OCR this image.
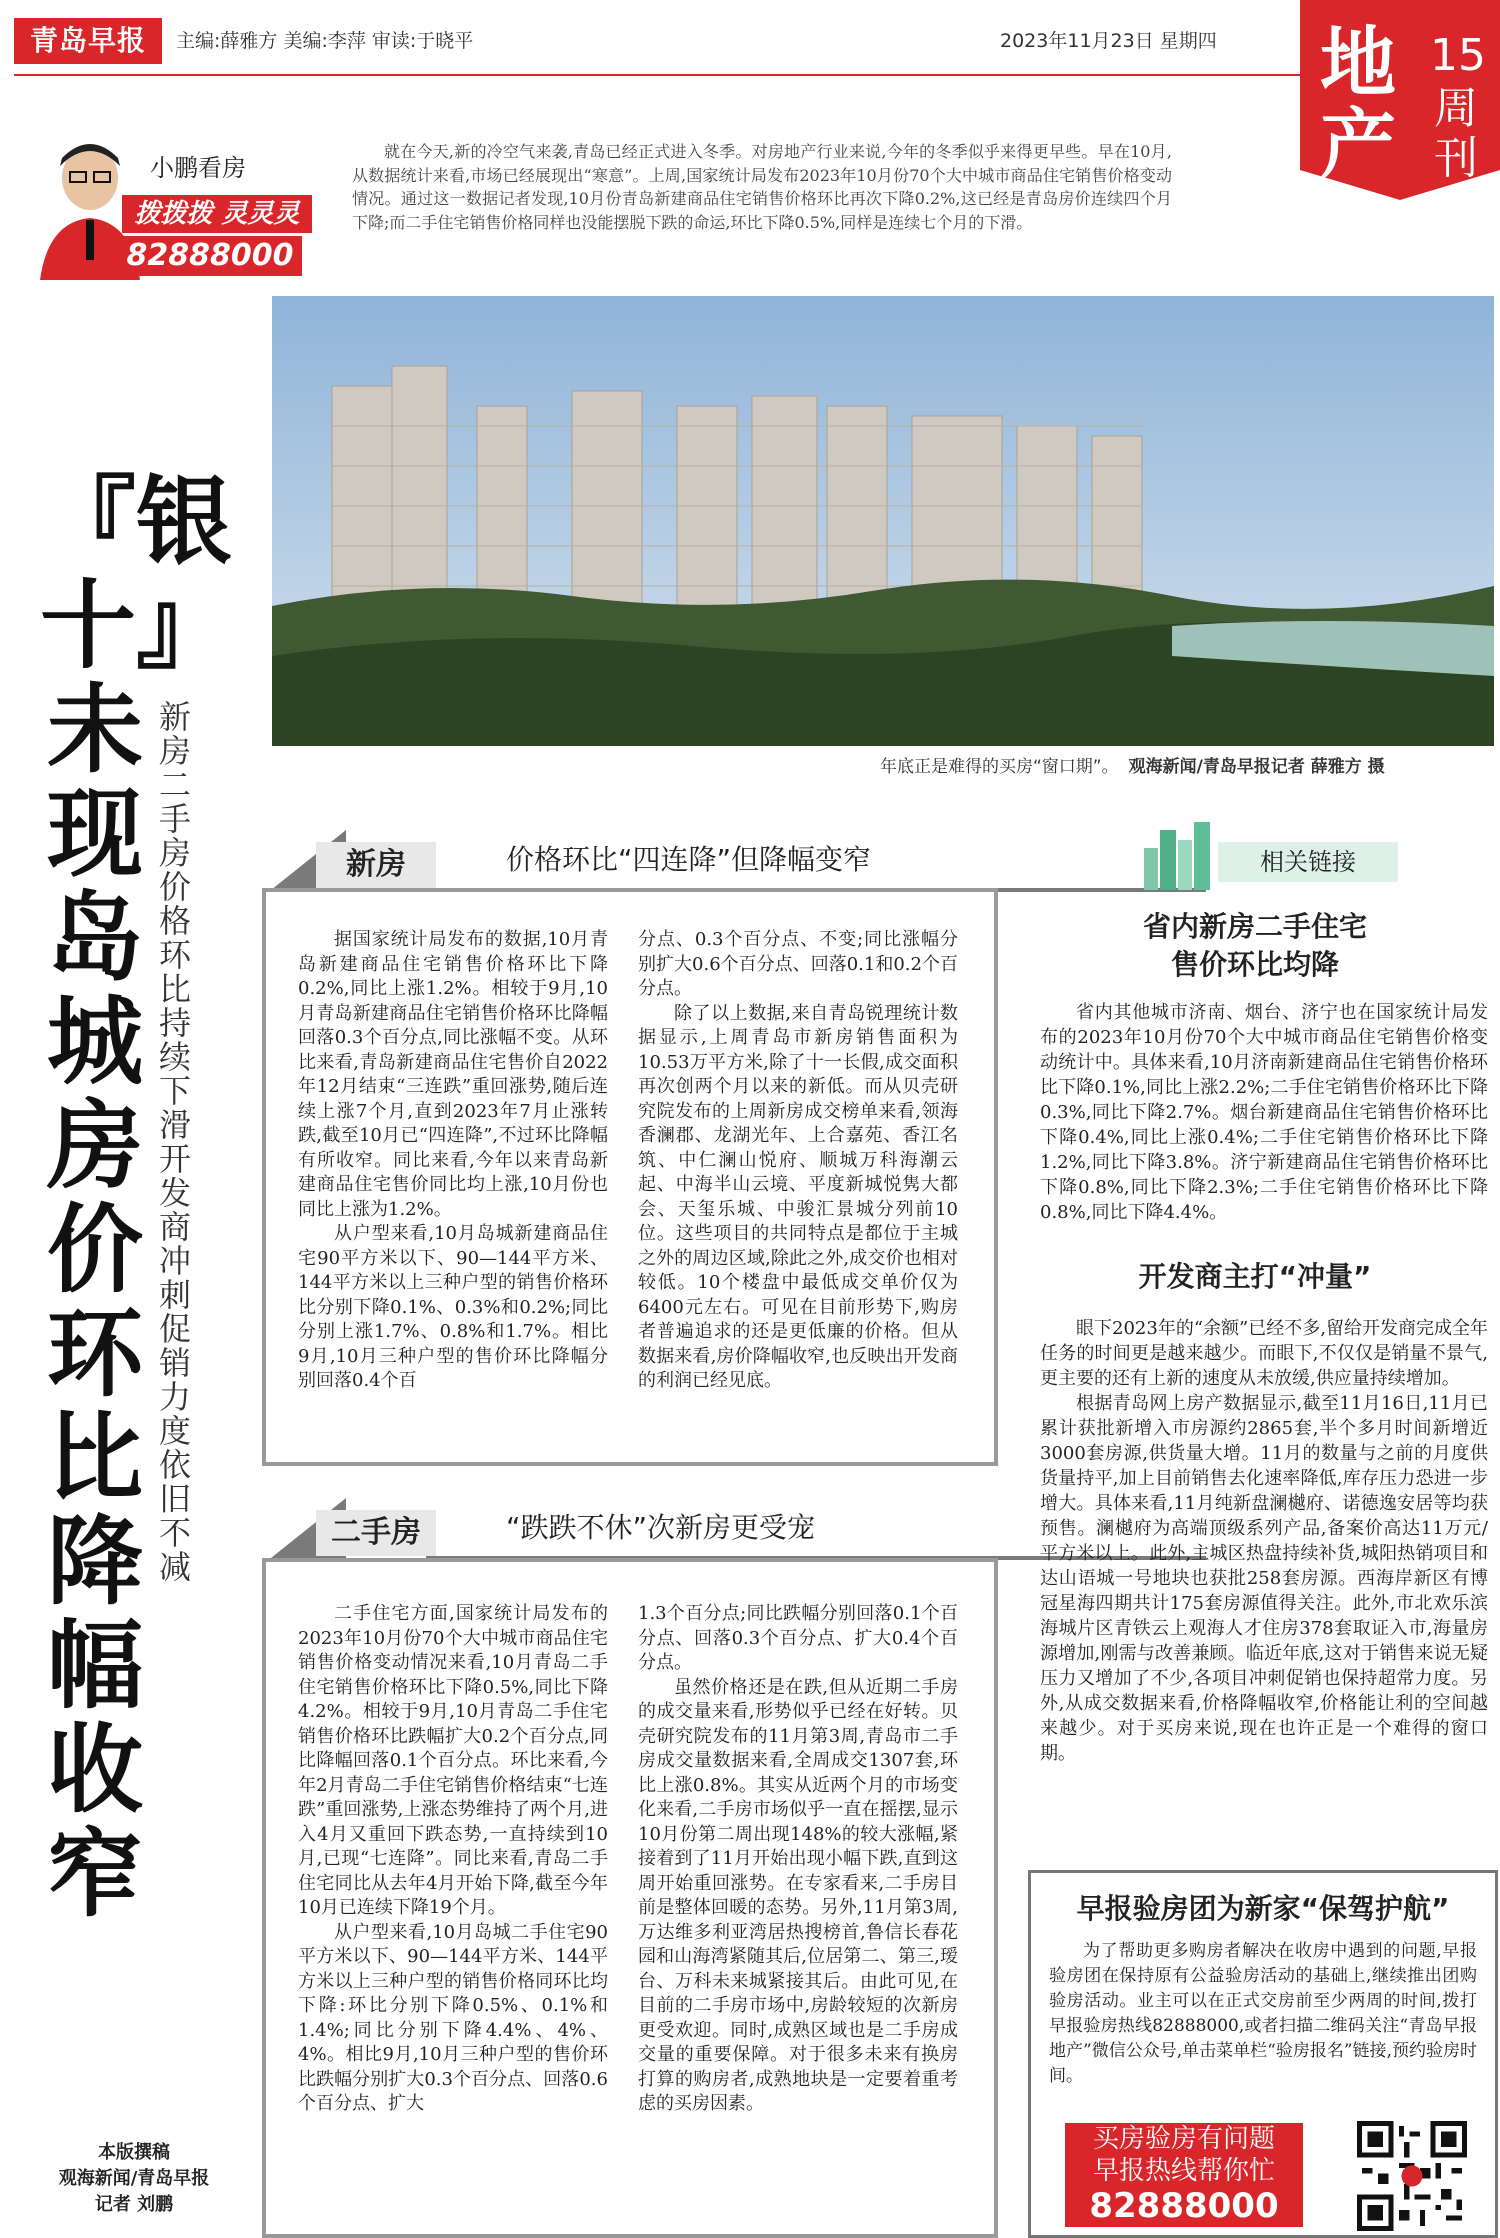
青岛早报	主编:薛雅方 美编:李萍 审读:于晓平	2023年11月23日 星期四 地产
15
周刊
小鹏看房
拨拨拨 灵灵灵
82888000
就在今天,新的冷空气来袭,青岛已经正式进入冬季。对房地产行业来说,今年的冬季似乎来得更早些。早在10月,从数据统计来看,市场已经展现出“寒意”。上周,国家统计局发布2023年10月份70个大中城市商品住宅销售价格变动情况。通过这一数据记者发现,10月份青岛新建商品住宅销售价格环比再次下降0.2%,这已经是青岛房价连续四个月下降;而二手住宅销售价格同样也没能摆脱下跌的命运,环比下降0.5%,同样是连续七个月的下滑。
年底正是难得的买房“窗口期”。 观海新闻/青岛早报记者 薛雅方 摄
『银十』未现 岛城房价环比降幅收窄
新房二手房价格环比持续下滑 开发商冲刺促销力度依旧不减
新房	价格环比“四连降”但降幅变窄

据国家统计局发布的数据,10月青岛新建商品住宅销售价格环比下降0.2%,同比上涨1.2%。相较于9月,10月青岛新建商品住宅销售价格环比降幅回落0.3个百分点,同比涨幅不变。从环比来看,青岛新建商品住宅售价自2022年12月结束“三连跌”重回涨势,随后连续上涨7个月,直到2023年7月止涨转跌,截至10月已“四连降”,不过环比降幅有所收窄。同比来看,今年以来青岛新建商品住宅售价同比均上涨,10月份也同比上涨为1.2%。

从户型来看,10月岛城新建商品住宅90平方米以下、90—144平方米、144平方米以上三种户型的销售价格环比分别下降0.1%、0.3%和0.2%;同比分别上涨1.7%、0.8%和1.7%。相比9月,10月三种户型的售价环比降幅分别回落0.4个百

分点、0.3个百分点、不变;同比涨幅分别扩大0.6个百分点、回落0.1和0.2个百分点。

除了以上数据,来自青岛锐理统计数据显示,上周青岛市新房销售面积为10.53万平方米,除了十一长假,成交面积再次创两个月以来的新低。而从贝壳研究院发布的上周新房成交榜单来看,领海香澜郡、龙湖光年、上合嘉苑、香江名筑、中仁澜山悦府、顺城万科海潮云起、中海半山云境、平度新城悦隽大都会、天玺乐城、中骏汇景城分列前10位。这些项目的共同特点是都位于主城之外的周边区域,除此之外,成交价也相对较低。10个楼盘中最低成交单价仅为6400元左右。可见在目前形势下,购房者普遍追求的还是更低廉的价格。但从数据来看,房价降幅收窄,也反映出开发商的利润已经见底。

二手房	“跌跌不休”次新房更受宠

二手住宅方面,国家统计局发布的2023年10月份70个大中城市商品住宅销售价格变动情况来看,10月青岛二手住宅销售价格环比下降0.5%,同比下降4.2%。相较于9月,10月青岛二手住宅销售价格环比跌幅扩大0.2个百分点,同比降幅回落0.1个百分点。环比来看,今年2月青岛二手住宅销售价格结束“七连跌”重回涨势,上涨态势维持了两个月,进入4月又重回下跌态势,一直持续到10月,已现“七连降”。同比来看,青岛二手住宅同比从去年4月开始下降,截至今年10月已连续下降19个月。

从户型来看,10月岛城二手住宅90平方米以下、90—144平方米、144平方米以上三种户型的销售价格同环比均下降:环比分别下降0.5%、0.1%和1.4%;同比分别下降4.4%、4%、4%。相比9月,10月三种户型的售价环比跌幅分别扩大0.3个百分点、回落0.6个百分点、扩大

1.3个百分点;同比跌幅分别回落0.1个百分点、回落0.3个百分点、扩大0.4个百分点。

虽然价格还是在跌,但从近期二手房的成交量来看,形势似乎已经在好转。贝壳研究院发布的11月第3周,青岛市二手房成交量数据来看,全周成交1307套,环比上涨0.8%。其实从近两个月的市场变化来看,二手房市场似乎一直在摇摆,显示10月份第二周出现148%的较大涨幅,紧接着到了11月开始出现小幅下跌,直到这周开始重回涨势。在专家看来,二手房目前是整体回暖的态势。另外,11月第3周,万达维多利亚湾居热搜榜首,鲁信长春花园和山海湾紧随其后,位居第二、第三,瑷台、万科未来城紧接其后。由此可见,在目前的二手房市场中,房龄较短的次新房更受欢迎。同时,成熟区域也是二手房成交量的重要保障。对于很多未来有换房打算的购房者,成熟地块是一定要着重考虑的买房因素。

相关链接
省内新房二手住宅
售价环比均降

省内其他城市济南、烟台、济宁也在国家统计局发布的2023年10月份70个大中城市商品住宅销售价格变动统计中。具体来看,10月济南新建商品住宅销售价格环比下降0.1%,同比上涨2.2%;二手住宅销售价格环比下降0.3%,同比下降2.7%。烟台新建商品住宅销售价格环比下降0.4%,同比上涨0.4%;二手住宅销售价格环比下降1.2%,同比下降3.8%。济宁新建商品住宅销售价格环比下降0.8%,同比下降2.3%;二手住宅销售价格环比下降0.8%,同比下降4.4%。

开发商主打“冲量”

眼下2023年的“余额”已经不多,留给开发商完成全年任务的时间更是越来越少。而眼下,不仅仅是销量不景气,更主要的还有上新的速度从未放缓,供应量持续增加。

根据青岛网上房产数据显示,截至11月16日,11月已累计获批新增入市房源约2865套,半个多月时间新增近3000套房源,供货量大增。11月的数量与之前的月度供货量持平,加上目前销售去化速率降低,库存压力恐进一步增大。具体来看,11月纯新盘澜樾府、诺德逸安居等均获预售。澜樾府为高端顶级系列产品,备案价高达11万元/平方米以上。此外,主城区热盘持续补货,城阳热销项目和达山语城一号地块也获批258套房源。西海岸新区有博冠星海四期共计175套房源值得关注。此外,市北欢乐滨海城片区青铁云上观海人才住房378套取证入市,海量房源增加,刚需与改善兼顾。临近年底,这对于销售来说无疑压力又增加了不少,各项目冲刺促销也保持超常力度。另外,从成交数据来看,价格降幅收窄,价格能让利的空间越来越少。对于买房来说,现在也许正是一个难得的窗口期。

早报验房团为新家“保驾护航”
为了帮助更多购房者解决在收房中遇到的问题,早报验房团在保持原有公益验房活动的基础上,继续推出团购验房活动。业主可以在正式交房前至少两周的时间,拨打早报验房热线82888000,或者扫描二维码关注“青岛早报地产”微信公众号,单击菜单栏“验房报名”链接,预约验房时间。
买房验房有问题
早报热线帮你忙
82888000
本版撰稿
观海新闻/青岛早报
记者 刘鹏
